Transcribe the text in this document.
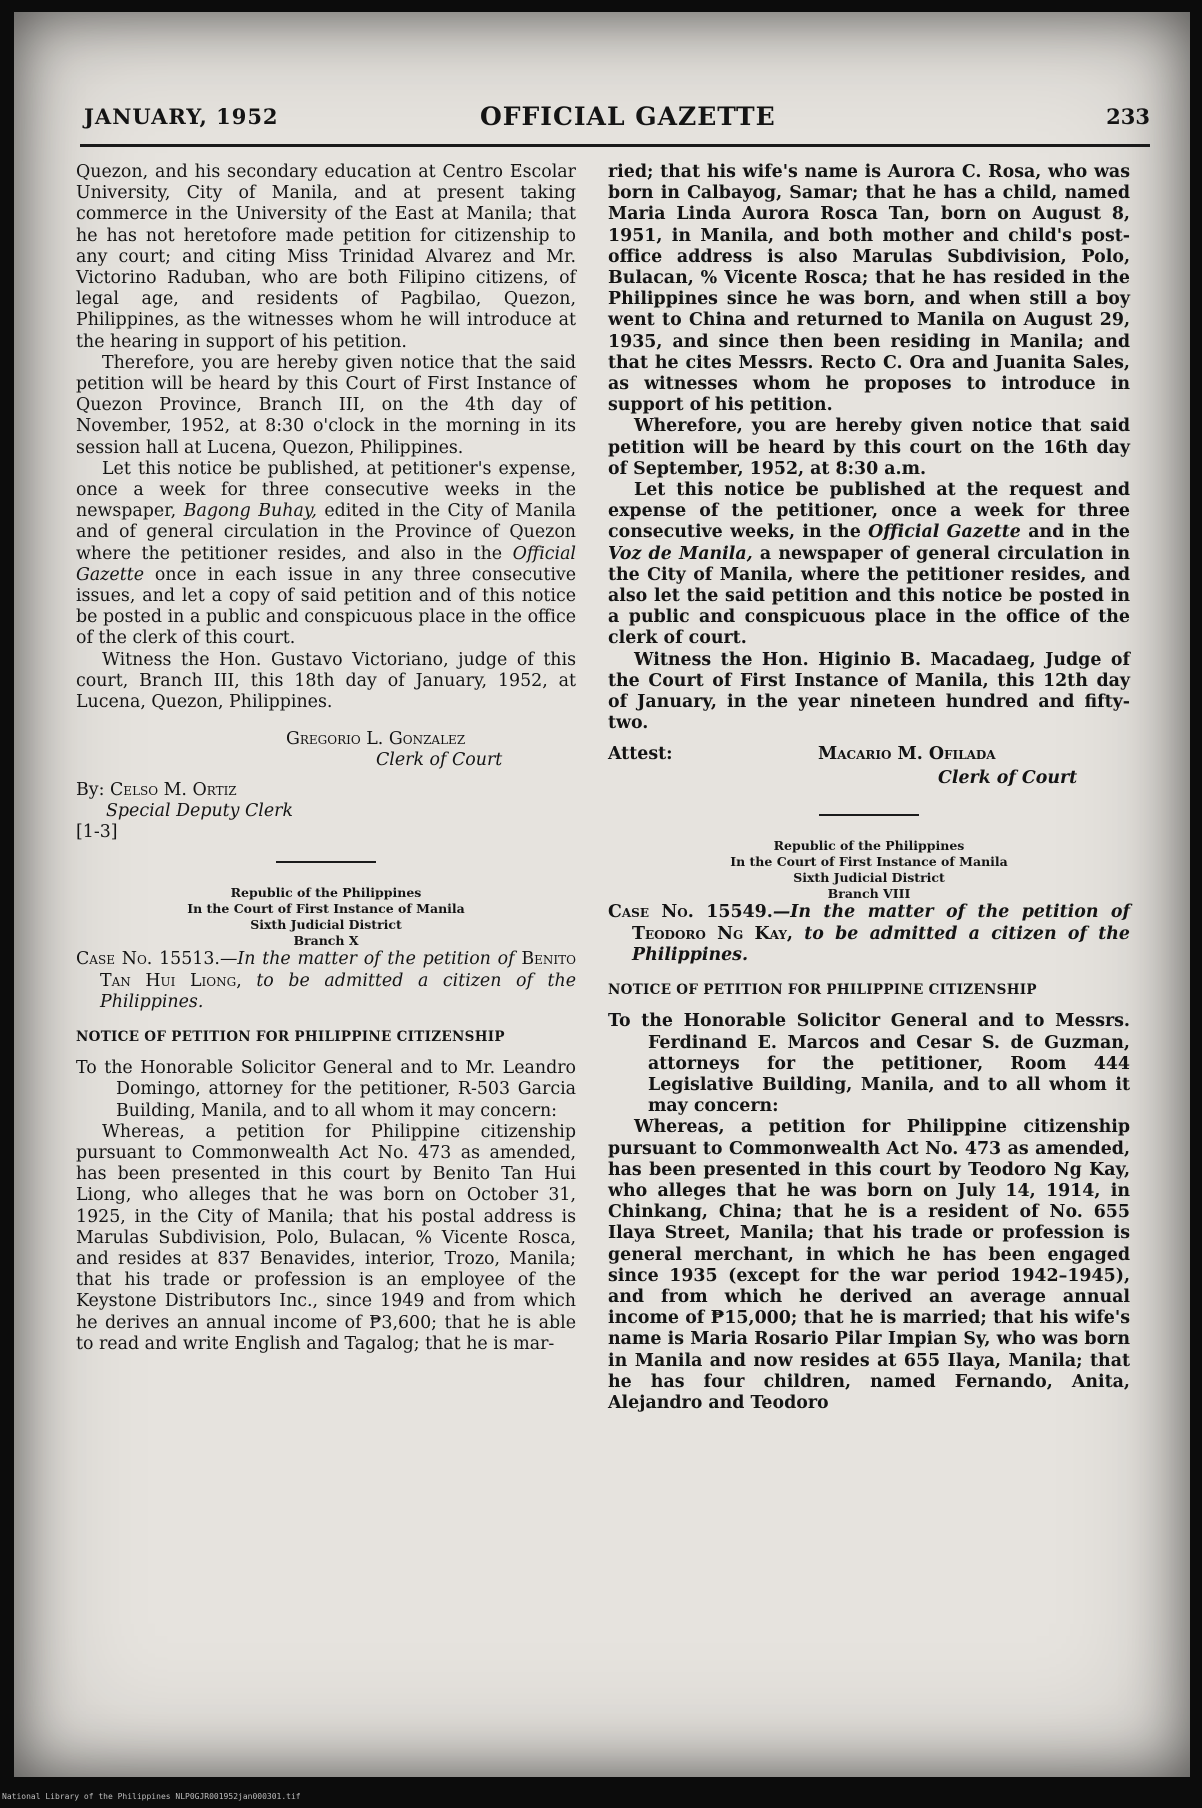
JANUARY, 1952	OFFICIAL GAZETTE	233

Quezon, and his secondary education at Centro Escolar University, City of Manila, and at present taking commerce in the University of the East at Manila; that he has not heretofore made petition for citizenship to any court; and citing Miss Trinidad Alvarez and Mr. Victorino Raduban, who are both Filipino citizens, of legal age, and residents of Pagbilao, Quezon, Philippines, as the witnesses whom he will introduce at the hearing in support of his petition.

Therefore, you are hereby given notice that the said petition will be heard by this Court of First Instance of Quezon Province, Branch III, on the 4th day of November, 1952, at 8:30 o'clock in the morning in its session hall at Lucena, Quezon, Philippines.

Let this notice be published, at petitioner's expense, once a week for three consecutive weeks in the newspaper, Bagong Buhay, edited in the City of Manila and of general circulation in the Province of Quezon where the petitioner resides, and also in the Official Gazette once in each issue in any three consecutive issues, and let a copy of said petition and of this notice be posted in a public and conspicuous place in the office of the clerk of this court.

Witness the Hon. Gustavo Victoriano, judge of this court, Branch III, this 18th day of January, 1952, at Lucena, Quezon, Philippines.

Gregorio L. Gonzalez
Clerk of Court
By: Celso M. Ortiz
Special Deputy Clerk
[1-3]
Republic of the Philippines
In the Court of First Instance of Manila
Sixth Judicial District
Branch X

Case No. 15513.—In the matter of the petition of Benito Tan Hui Liong, to be admitted a citizen of the Philippines.

NOTICE OF PETITION FOR PHILIPPINE CITIZENSHIP

To the Honorable Solicitor General and to Mr. Leandro Domingo, attorney for the petitioner, R-503 Garcia Building, Manila, and to all whom it may concern:

Whereas, a petition for Philippine citizenship pursuant to Commonwealth Act No. 473 as amended, has been presented in this court by Benito Tan Hui Liong, who alleges that he was born on October 31, 1925, in the City of Manila; that his postal address is Marulas Subdivision, Polo, Bulacan, % Vicente Rosca, and resides at 837 Benavides, interior, Trozo, Manila; that his trade or profession is an employee of the Keystone Distributors Inc., since 1949 and from which he derives an annual income of ₱3,600; that he is able to read and write English and Tagalog; that he is mar-

ried; that his wife's name is Aurora C. Rosa, who was born in Calbayog, Samar; that he has a child, named Maria Linda Aurora Rosca Tan, born on August 8, 1951, in Manila, and both mother and child's post-office address is also Marulas Subdivision, Polo, Bulacan, % Vicente Rosca; that he has resided in the Philippines since he was born, and when still a boy went to China and returned to Manila on August 29, 1935, and since then been residing in Manila; and that he cites Messrs. Recto C. Ora and Juanita Sales, as witnesses whom he proposes to introduce in support of his petition.

Wherefore, you are hereby given notice that said petition will be heard by this court on the 16th day of September, 1952, at 8:30 a.m.

Let this notice be published at the request and expense of the petitioner, once a week for three consecutive weeks, in the Official Gazette and in the Voz de Manila, a newspaper of general circulation in the City of Manila, where the petitioner resides, and also let the said petition and this notice be posted in a public and conspicuous place in the office of the clerk of court.

Witness the Hon. Higinio B. Macadaeg, Judge of the Court of First Instance of Manila, this 12th day of January, in the year nineteen hundred and fifty-two.

Attest:	Macario M. Ofilada
Clerk of Court
Republic of the Philippines
In the Court of First Instance of Manila
Sixth Judicial District
Branch VIII

Case No. 15549.—In the matter of the petition of Teodoro Ng Kay, to be admitted a citizen of the Philippines.

NOTICE OF PETITION FOR PHILIPPINE CITIZENSHIP

To the Honorable Solicitor General and to Messrs. Ferdinand E. Marcos and Cesar S. de Guzman, attorneys for the petitioner, Room 444 Legislative Building, Manila, and to all whom it may concern:

Whereas, a petition for Philippine citizenship pursuant to Commonwealth Act No. 473 as amended, has been presented in this court by Teodoro Ng Kay, who alleges that he was born on July 14, 1914, in Chinkang, China; that he is a resident of No. 655 Ilaya Street, Manila; that his trade or profession is general merchant, in which he has been engaged since 1935 (except for the war period 1942–1945), and from which he derived an average annual income of ₱15,000; that he is married; that his wife's name is Maria Rosario Pilar Impian Sy, who was born in Manila and now resides at 655 Ilaya, Manila; that he has four children, named Fernando, Anita, Alejandro and Teodoro

National Library of the Philippines NLP0GJR001952jan000301.tif
